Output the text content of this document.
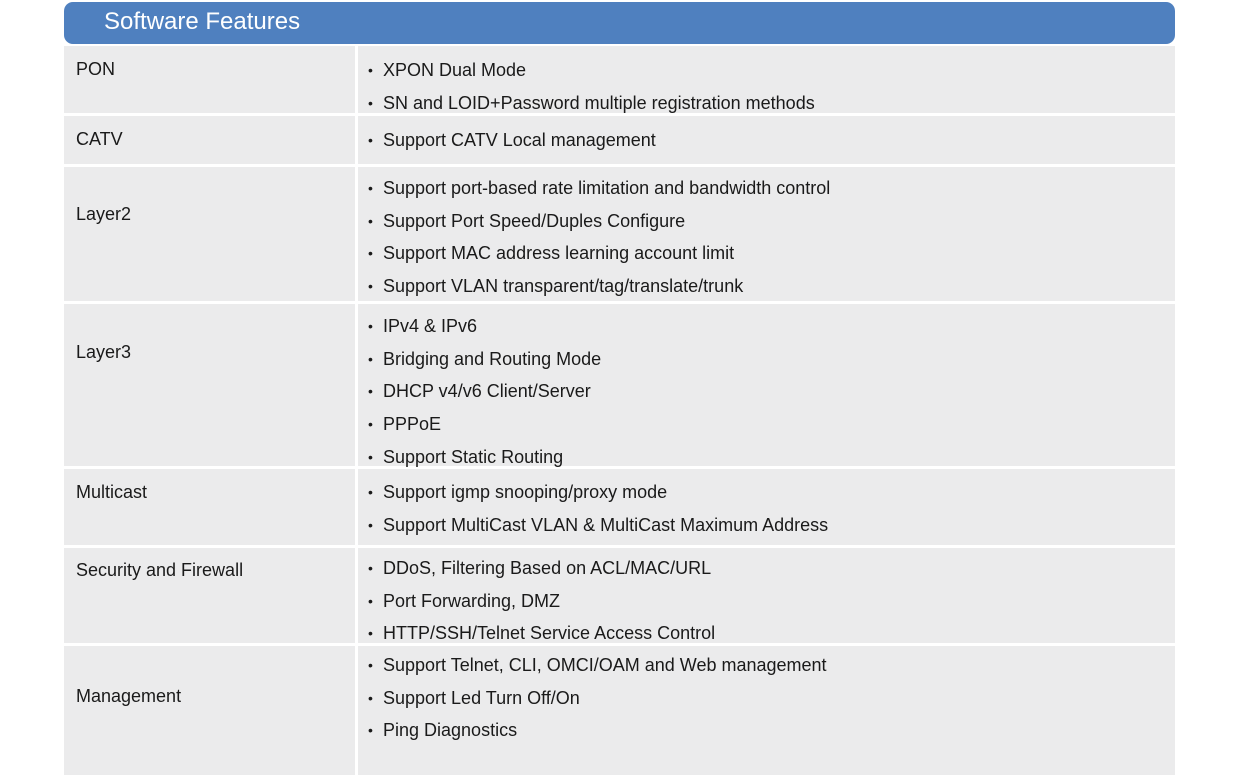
Software Features
PON	• XPON Dual Mode
• SN and LOID+Password multiple registration methods
CATV	• Support CATV Local management
Layer2
• Support port-based rate limitation and bandwidth control
• Support Port Speed/Duples Configure
• Support MAC address learning account limit
• Support VLAN transparent/tag/translate/trunk
Layer3
• IPv4 & IPv6
• Bridging and Routing Mode
• DHCP v4/v6 Client/Server
• PPPoE
• Support Static Routing
Multicast	• Support igmp snooping/proxy mode
• Support MultiCast VLAN & MultiCast Maximum Address
Security and Firewall	• DDoS, Filtering Based on ACL/MAC/URL
• Port Forwarding, DMZ
• HTTP/SSH/Telnet Service Access Control
Management
• Support Telnet, CLI, OMCI/OAM and Web management
• Support Led Turn Off/On
• Ping Diagnostics
